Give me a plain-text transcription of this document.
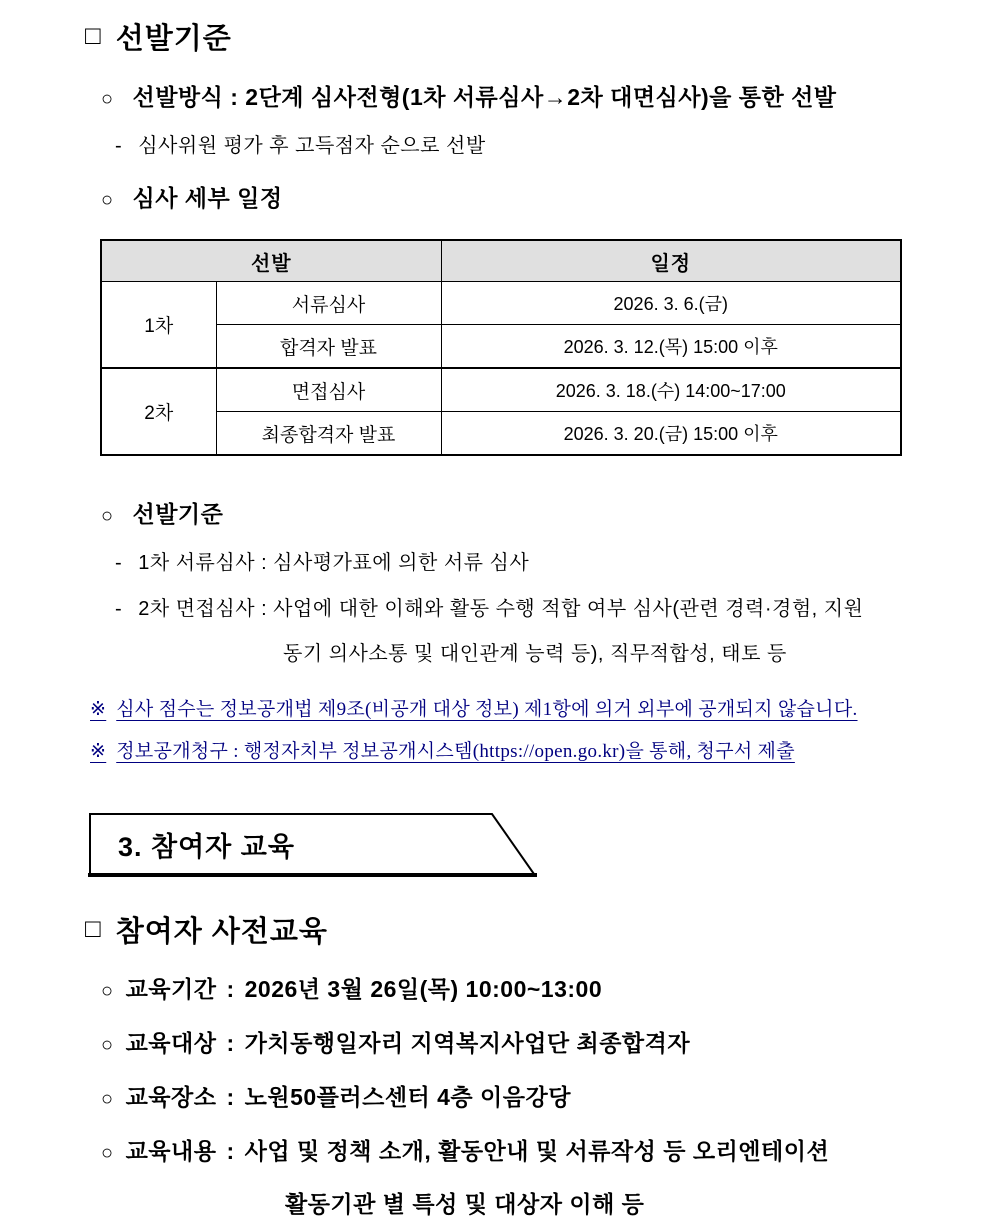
□ 선발기준
○ 선발방식 : 2단계 심사전형(1차 서류심사→2차 대면심사)을 통한 선발
- 심사위원 평가 후 고득점자 순으로 선발
○ 심사 세부 일정
선발		일정
1차	서류심사	2026. 3. 6.(금)
	합격자 발표	2026. 3. 12.(목) 15:00 이후
2차	면접심사	2026. 3. 18.(수) 14:00~17:00
	최종합격자 발표	2026. 3. 20.(금) 15:00 이후
○ 선발기준
- 1차 서류심사 : 심사평가표에 의한 서류 심사
- 2차 면접심사 : 사업에 대한 이해와 활동 수행 적합 여부 심사(관련 경력·경험, 지원
동기 의사소통 및 대인관계 능력 등), 직무적합성, 태토 등
※ 심사 점수는 정보공개법 제9조(비공개 대상 정보) 제1항에 의거 외부에 공개되지 않습니다.
※ 정보공개청구 : 행정자치부 정보공개시스템(https://open.go.kr)을 통해, 청구서 제출
3. 참여자 교육
□ 참여자 사전교육
○ 교육기간 : 2026년 3월 26일(목) 10:00~13:00
○ 교육대상 : 가치동행일자리 지역복지사업단 최종합격자
○ 교육장소 : 노원50플러스센터 4층 이음강당
○ 교육내용 : 사업 및 정책 소개, 활동안내 및 서류작성 등 오리엔테이션
활동기관 별 특성 및 대상자 이해 등
